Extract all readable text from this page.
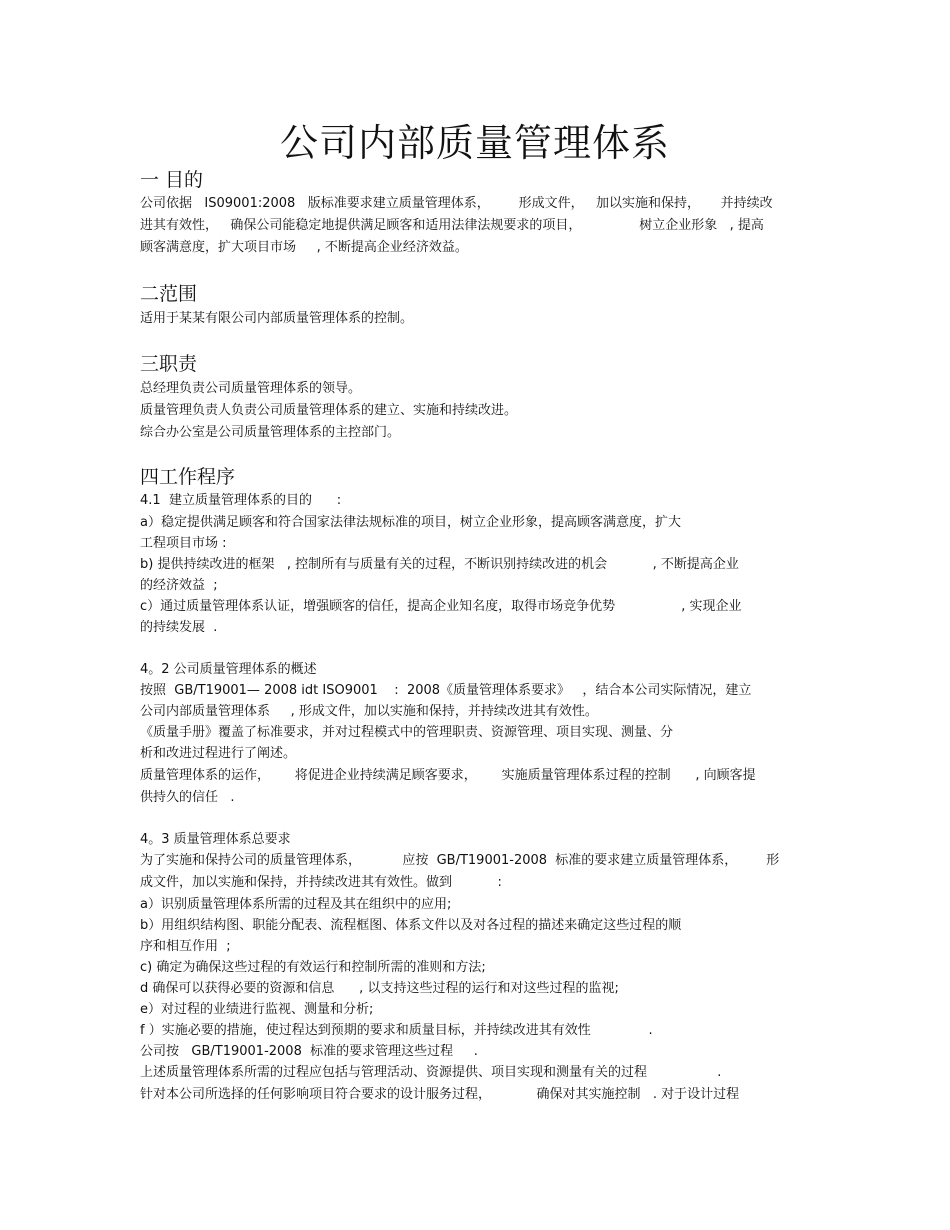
公司内部质量管理体系
一 目的
公司依据   IS09001:2008   版标准要求建立质量管理体系，       形成文件，   加以实施和保持，     并持续改
进其有效性，   确保公司能稳定地提供满足顾客和适用法律法规要求的项目，              树立企业形象   , 提高
顾客满意度，扩大项目市场     , 不断提高企业经济效益。
二范围
适用于某某有限公司内部质量管理体系的控制。
三职责
总经理负责公司质量管理体系的领导。
质量管理负责人负责公司质量管理体系的建立、实施和持续改进。
综合办公室是公司质量管理体系的主控部门。
四工作程序
4.1  建立质量管理体系的目的      :
a）稳定提供满足顾客和符合国家法律法规标准的项目，树立企业形象，提高顾客满意度，扩大
工程项目市场 :
b) 提供持续改进的框架   , 控制所有与质量有关的过程，不断识别持续改进的机会           , 不断提高企业
的经济效益  ;
c）通过质量管理体系认证，增强顾客的信任，提高企业知名度，取得市场竞争优势                , 实现企业
的持续发展  .
4。2 公司质量管理体系的概述
按照  GB/T19001— 2008 idt ISO9001    :  2008《质量管理体系要求》   ，结合本公司实际情况，建立
公司内部质量管理体系     , 形成文件，加以实施和保持，并持续改进其有效性。
《质量手册》覆盖了标准要求，并对过程模式中的管理职责、资源管理、项目实现、测量、分
析和改进过程进行了阐述。
质量管理体系的运作，      将促进企业持续满足顾客要求，      实施质量管理体系过程的控制      , 向顾客提
供持久的信任   .
4。3 质量管理体系总要求
为了实施和保持公司的质量管理体系，          应按  GB/T19001-2008  标准的要求建立质量管理体系，       形
成文件，加以实施和保持，并持续改进其有效性。做到           :
a）识别质量管理体系所需的过程及其在组织中的应用;
b）用组织结构图、职能分配表、流程框图、体系文件以及对各过程的描述来确定这些过程的顺
序和相互作用  ;
c) 确定为确保这些过程的有效运行和控制所需的准则和方法;
d 确保可以获得必要的资源和信息      , 以支持这些过程的运行和对这些过程的监视;
e）对过程的业绩进行监视、测量和分析;
f ）实施必要的措施，使过程达到预期的要求和质量目标，并持续改进其有效性              .
公司按   GB/T19001-2008  标准的要求管理这些过程     .
上述质量管理体系所需的过程应包括与管理活动、资源提供、项目实现和测量有关的过程                 .
针对本公司所选择的任何影响项目符合要求的设计服务过程，           确保对其实施控制   . 对于设计过程
